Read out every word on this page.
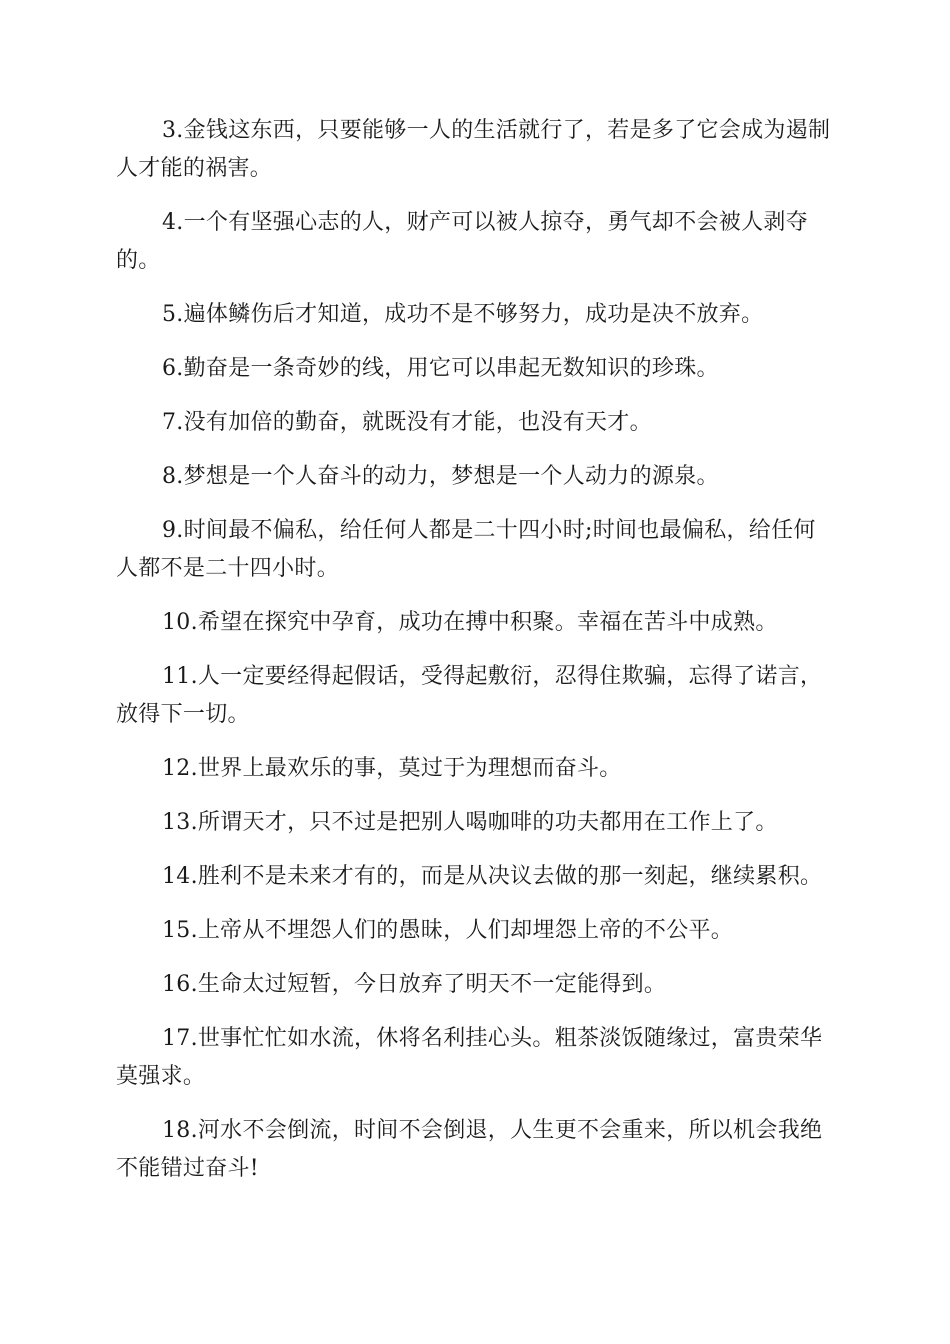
3.金钱这东西，只要能够一人的生活就行了，若是多了它会成为遏制人才能的祸害。

4.一个有坚强心志的人，财产可以被人掠夺，勇气却不会被人剥夺的。

5.遍体鳞伤后才知道，成功不是不够努力，成功是决不放弃。

6.勤奋是一条奇妙的线，用它可以串起无数知识的珍珠。

7.没有加倍的勤奋，就既没有才能，也没有天才。

8.梦想是一个人奋斗的动力，梦想是一个人动力的源泉。

9.时间最不偏私，给任何人都是二十四小时;时间也最偏私，给任何人都不是二十四小时。

10.希望在探究中孕育，成功在搏中积聚。幸福在苦斗中成熟。

11.人一定要经得起假话，受得起敷衍，忍得住欺骗，忘得了诺言，放得下一切。

12.世界上最欢乐的事，莫过于为理想而奋斗。

13.所谓天才，只不过是把别人喝咖啡的功夫都用在工作上了。

14.胜利不是未来才有的，而是从决议去做的那一刻起，继续累积。

15.上帝从不埋怨人们的愚昧，人们却埋怨上帝的不公平。

16.生命太过短暂，今日放弃了明天不一定能得到。

17.世事忙忙如水流，休将名利挂心头。粗茶淡饭随缘过，富贵荣华莫强求。

18.河水不会倒流，时间不会倒退，人生更不会重来，所以机会我绝不能错过奋斗!
